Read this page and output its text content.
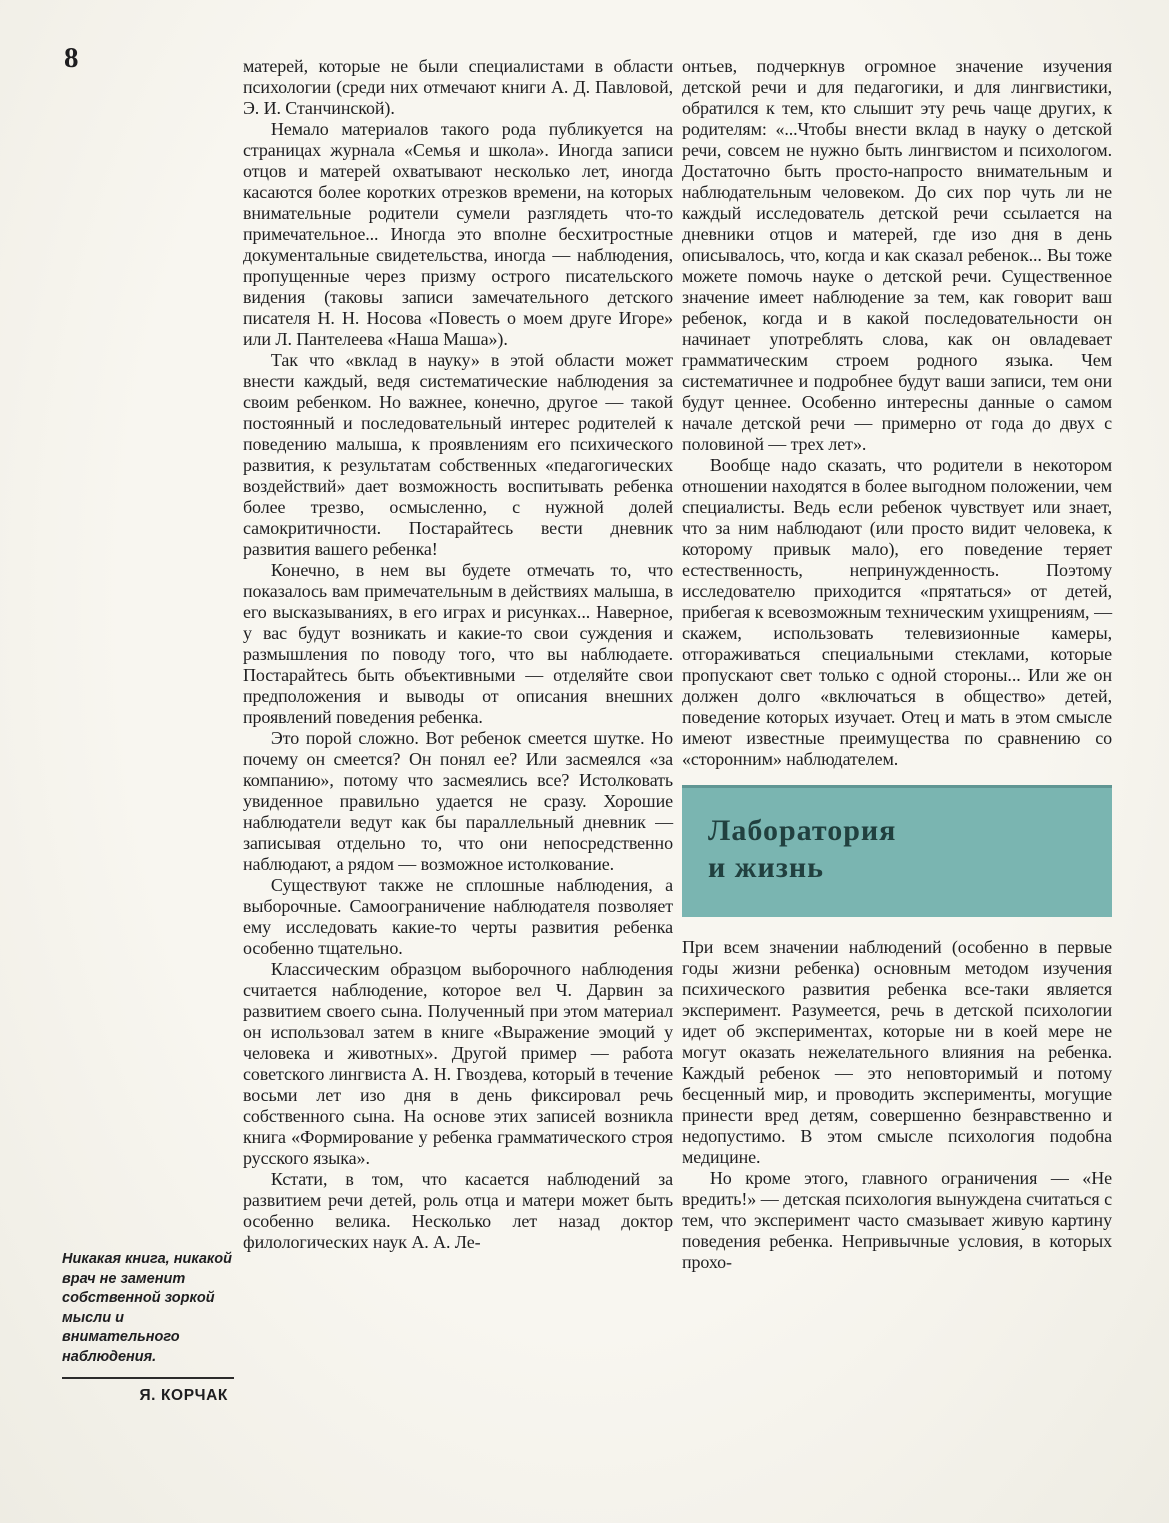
8

Никакая книга, никакой врач не заменит собственной зоркой мысли и внимательного наблюдения.

Я. КОРЧАК

матерей, которые не были специалистами в области психологии (среди них отмечают книги А. Д. Павловой, Э. И. Станчинской).

Немало материалов такого рода публикуется на страницах журнала «Семья и школа». Иногда записи отцов и матерей охватывают несколько лет, иногда касаются более коротких отрезков времени, на которых внимательные родители сумели разглядеть что-то примечательное... Иногда это вполне бесхитростные документальные свидетельства, иногда — наблюдения, пропущенные через призму острого писательского видения (таковы записи замечательного детского писателя Н. Н. Носова «Повесть о моем друге Игоре» или Л. Пантелеева «Наша Маша»).

Так что «вклад в науку» в этой области может внести каждый, ведя систематические наблюдения за своим ребенком. Но важнее, конечно, другое — такой постоянный и последовательный интерес родителей к поведению малыша, к проявлениям его психического развития, к результатам собственных «педагогических воздействий» дает возможность воспитывать ребенка более трезво, осмысленно, с нужной долей самокритичности. Постарайтесь вести дневник развития вашего ребенка!

Конечно, в нем вы будете отмечать то, что показалось вам примечательным в действиях малыша, в его высказываниях, в его играх и рисунках... Наверное, у вас будут возникать и какие-то свои суждения и размышления по поводу того, что вы наблюдаете. Постарайтесь быть объективными — отделяйте свои предположения и выводы от описания внешних проявлений поведения ребенка.

Это порой сложно. Вот ребенок смеется шутке. Но почему он смеется? Он понял ее? Или засмеялся «за компанию», потому что засмеялись все? Истолковать увиденное правильно удается не сразу. Хорошие наблюдатели ведут как бы параллельный дневник — записывая отдельно то, что они непосредственно наблюдают, а рядом — возможное истолкование.

Существуют также не сплошные наблюдения, а выборочные. Самоограничение наблюдателя позволяет ему исследовать какие-то черты развития ребенка особенно тщательно.

Классическим образцом выборочного наблюдения считается наблюдение, которое вел Ч. Дарвин за развитием своего сына. Полученный при этом материал он использовал затем в книге «Выражение эмоций у человека и животных». Другой пример — работа советского лингвиста А. Н. Гвоздева, который в течение восьми лет изо дня в день фиксировал речь собственного сына. На основе этих записей возникла книга «Формирование у ребенка грамматического строя русского языка».

Кстати, в том, что касается наблюдений за развитием речи детей, роль отца и матери может быть особенно велика. Несколько лет назад доктор филологических наук А. А. Ле-

онтьев, подчеркнув огромное значение изучения детской речи и для педагогики, и для лингвистики, обратился к тем, кто слышит эту речь чаще других, к родителям: «...Чтобы внести вклад в науку о детской речи, совсем не нужно быть лингвистом и психологом. Достаточно быть просто-напросто внимательным и наблюдательным человеком. До сих пор чуть ли не каждый исследователь детской речи ссылается на дневники отцов и матерей, где изо дня в день описывалось, что, когда и как сказал ребенок... Вы тоже можете помочь науке о детской речи. Существенное значение имеет наблюдение за тем, как говорит ваш ребенок, когда и в какой последовательности он начинает употреблять слова, как он овладевает грамматическим строем родного языка. Чем систематичнее и подробнее будут ваши записи, тем они будут ценнее. Особенно интересны данные о самом начале детской речи — примерно от года до двух с половиной — трех лет».

Вообще надо сказать, что родители в некотором отношении находятся в более выгодном положении, чем специалисты. Ведь если ребенок чувствует или знает, что за ним наблюдают (или просто видит человека, к которому привык мало), его поведение теряет естественность, непринужденность. Поэтому исследователю приходится «прятаться» от детей, прибегая к всевозможным техническим ухищрениям, — скажем, использовать телевизионные камеры, отгораживаться специальными стеклами, которые пропускают свет только с одной стороны... Или же он должен долго «включаться в общество» детей, поведение которых изучает. Отец и мать в этом смысле имеют известные преимущества по сравнению со «сторонним» наблюдателем.

Лаборатория
и жизнь

При всем значении наблюдений (особенно в первые годы жизни ребенка) основным методом изучения психического развития ребенка все-таки является эксперимент. Разумеется, речь в детской психологии идет об экспериментах, которые ни в коей мере не могут оказать нежелательного влияния на ребенка. Каждый ребенок — это неповторимый и потому бесценный мир, и проводить эксперименты, могущие принести вред детям, совершенно безнравственно и недопустимо. В этом смысле психология подобна медицине.

Но кроме этого, главного ограничения — «Не вредить!» — детская психология вынуждена считаться с тем, что эксперимент часто смазывает живую картину поведения ребенка. Непривычные условия, в которых прохо-
